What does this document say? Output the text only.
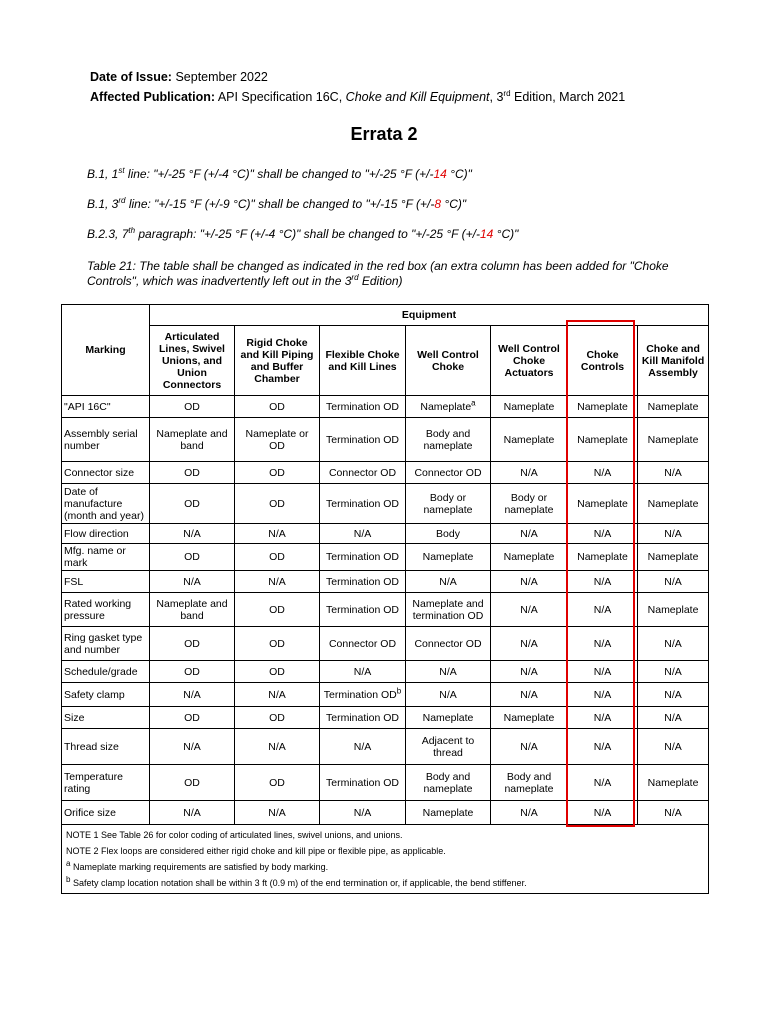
Date of Issue: September 2022
Affected Publication: API Specification 16C, Choke and Kill Equipment, 3rd Edition, March 2021
Errata 2
B.1, 1st line: "+/-25 °F (+/-4 °C)" shall be changed to "+/-25 °F (+/-14 °C)"
B.1, 3rd line: "+/-15 °F (+/-9 °C)" shall be changed to "+/-15 °F (+/-8 °C)"
B.2.3, 7th paragraph: "+/-25 °F (+/-4 °C)" shall be changed to "+/-25 °F (+/-14 °C)"
Table 21: The table shall be changed as indicated in the red box (an extra column has been added for "Choke Controls", which was inadvertently left out in the 3rd Edition)
Marking	Equipment						
	Articulated Lines, Swivel Unions, and Union Connectors	Rigid Choke and Kill Piping and Buffer Chamber	Flexible Choke and Kill Lines	Well Control Choke	Well Control Choke Actuators	Choke Controls	Choke and Kill Manifold Assembly
"API 16C"	OD	OD	Termination OD	Nameplate$^a$	Nameplate	Nameplate	Nameplate
Assembly serial number	Nameplate and band	Nameplate or OD	Termination OD	Body and nameplate	Nameplate	Nameplate	Nameplate
Connector size	OD	OD	Connector OD	Connector OD	N/A	N/A	N/A
Date of manufacture (month and year)	OD	OD	Termination OD	Body or nameplate	Body or nameplate	Nameplate	Nameplate
Flow direction	N/A	N/A	N/A	Body	N/A	N/A	N/A
Mfg. name or mark	OD	OD	Termination OD	Nameplate	Nameplate	Nameplate	Nameplate
FSL	N/A	N/A	Termination OD	N/A	N/A	N/A	N/A
Rated working pressure	Nameplate and band	OD	Termination OD	Nameplate and termination OD	N/A	N/A	Nameplate
Ring gasket type and number	OD	OD	Connector OD	Connector OD	N/A	N/A	N/A
Schedule/grade	OD	OD	N/A	N/A	N/A	N/A	N/A
Safety clamp	N/A	N/A	Termination $OD^b$	N/A	N/A	N/A	N/A
Size	OD	OD	Termination OD	Nameplate	Nameplate	N/A	N/A
Thread size	N/A	N/A	N/A	Adjacent to thread	N/A	N/A	N/A
Temperature rating	OD	OD	Termination OD	Body and nameplate	Body and nameplate	N/A	Nameplate
Orifice size	N/A	N/A	N/A	Nameplate	N/A	N/A	N/A

NOTE 1 See Table 26 for color coding of articulated lines, swivel unions, and unions.
NOTE 2 Flex loops are considered either rigid choke and kill pipe or flexible pipe, as applicable.
$^a$ Nameplate marking requirements are satisfied by body marking.
$^b$ Safety clamp location notation shall be within 3 ft (0.9 m) of the end termination or, if applicable, the bend stiffener.							
